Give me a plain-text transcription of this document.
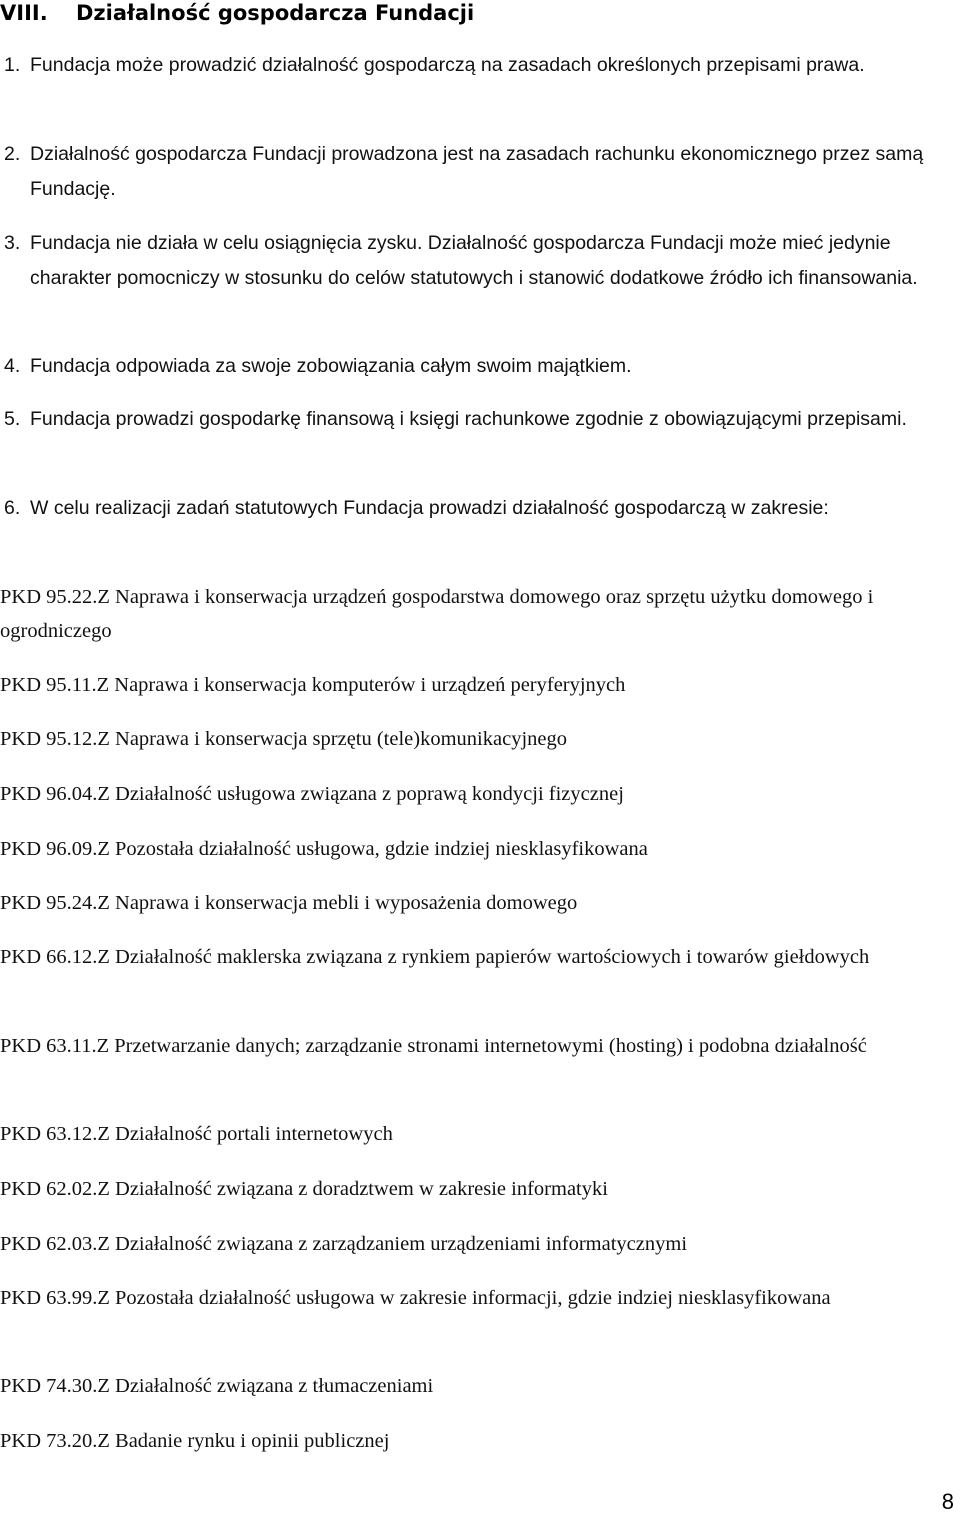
VIII. Działalność gospodarcza Fundacji
1. Fundacja może prowadzić działalność gospodarczą na zasadach określonych przepisami prawa.
2. Działalność gospodarcza Fundacji prowadzona jest na zasadach rachunku ekonomicznego przez samą Fundację.
3. Fundacja nie działa w celu osiągnięcia zysku. Działalność gospodarcza Fundacji może mieć jedynie charakter pomocniczy w stosunku do celów statutowych i stanowić dodatkowe źródło ich finansowania.
4. Fundacja odpowiada za swoje zobowiązania całym swoim majątkiem.
5. Fundacja prowadzi gospodarkę finansową i księgi rachunkowe zgodnie z obowiązującymi przepisami.
6. W celu realizacji zadań statutowych Fundacja prowadzi działalność gospodarczą w zakresie:
PKD 95.22.Z Naprawa i konserwacja urządzeń gospodarstwa domowego oraz sprzętu użytku domowego i ogrodniczego
PKD 95.11.Z Naprawa i konserwacja komputerów i urządzeń peryferyjnych
PKD 95.12.Z Naprawa i konserwacja sprzętu (tele)komunikacyjnego
PKD 96.04.Z Działalność usługowa związana z poprawą kondycji fizycznej
PKD 96.09.Z Pozostała działalność usługowa, gdzie indziej niesklasyfikowana
PKD 95.24.Z Naprawa i konserwacja mebli i wyposażenia domowego
PKD 66.12.Z Działalność maklerska związana z rynkiem papierów wartościowych i towarów giełdowych
PKD 63.11.Z Przetwarzanie danych; zarządzanie stronami internetowymi (hosting) i podobna działalność
PKD 63.12.Z Działalność portali internetowych
PKD 62.02.Z Działalność związana z doradztwem w zakresie informatyki
PKD 62.03.Z Działalność związana z zarządzaniem urządzeniami informatycznymi
PKD 63.99.Z Pozostała działalność usługowa w zakresie informacji, gdzie indziej niesklasyfikowana
PKD 74.30.Z Działalność związana z tłumaczeniami
PKD 73.20.Z Badanie rynku i opinii publicznej
8
